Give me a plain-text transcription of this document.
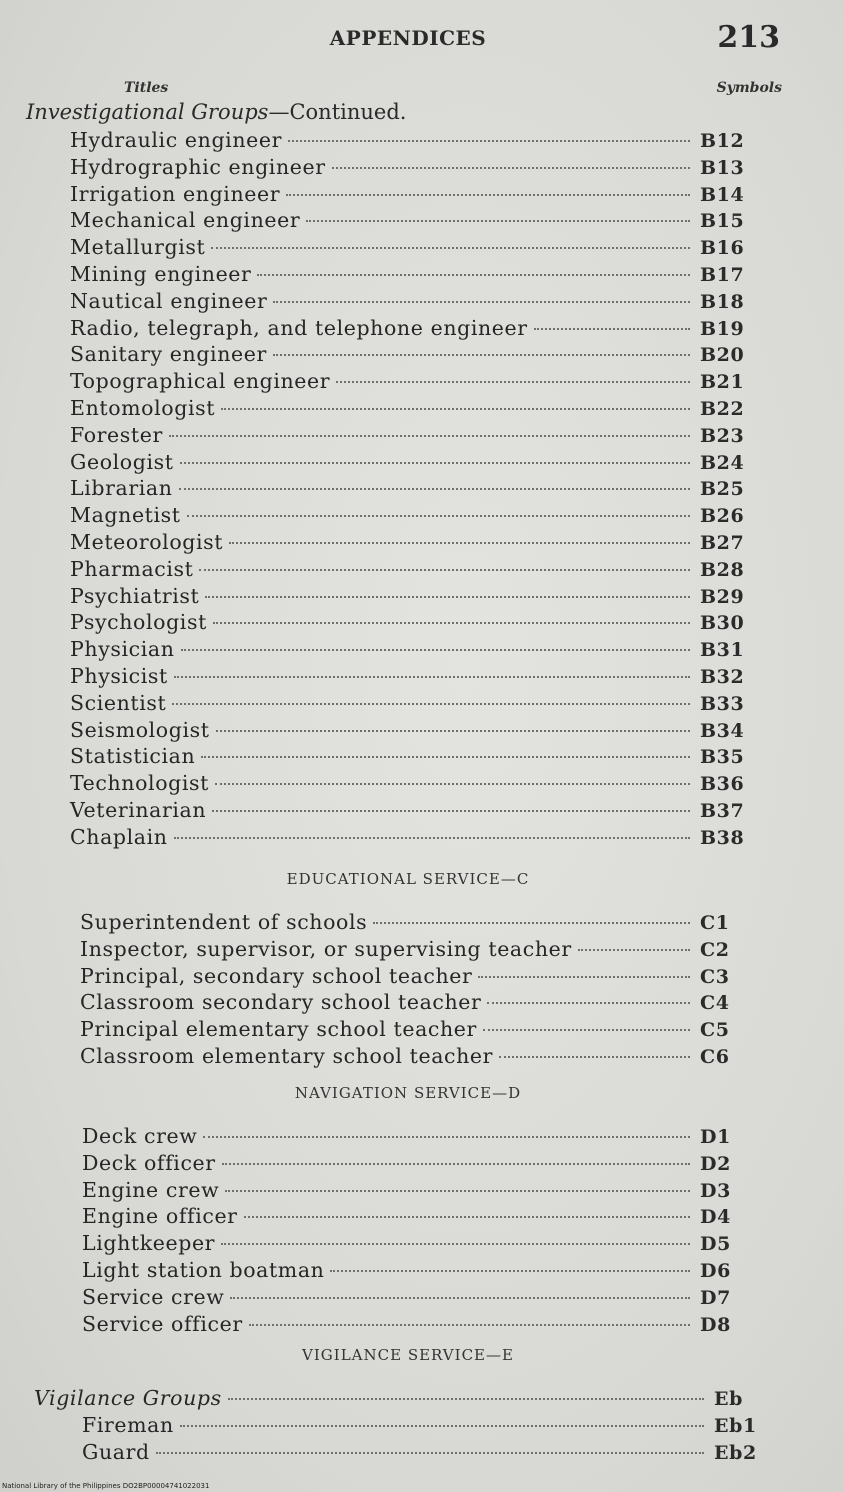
APPENDICES	213
Titles	Symbols
Investigational Groups—Continued.
Hydraulic engineer	B12
Hydrographic engineer	B13
Irrigation engineer	B14
Mechanical engineer	B15
Metallurgist	B16
Mining engineer	B17
Nautical engineer	B18
Radio, telegraph, and telephone engineer	B19
Sanitary engineer	B20
Topographical engineer	B21
Entomologist	B22
Forester	B23
Geologist	B24
Librarian	B25
Magnetist	B26
Meteorologist	B27
Pharmacist	B28
Psychiatrist	B29
Psychologist	B30
Physician	B31
Physicist	B32
Scientist	B33
Seismologist	B34
Statistician	B35
Technologist	B36
Veterinarian	B37
Chaplain	B38
EDUCATIONAL SERVICE—C
Superintendent of schools	C1
Inspector, supervisor, or supervising teacher	C2
Principal, secondary school teacher	C3
Classroom secondary school teacher	C4
Principal elementary school teacher	C5
Classroom elementary school teacher	C6
NAVIGATION SERVICE—D
Deck crew	D1
Deck officer	D2
Engine crew	D3
Engine officer	D4
Lightkeeper	D5
Light station boatman	D6
Service crew	D7
Service officer	D8
VIGILANCE SERVICE—E
Vigilance Groups	Eb
Fireman	Eb1
Guard	Eb2
National Library of the Philippines DO2BP00004741022031
